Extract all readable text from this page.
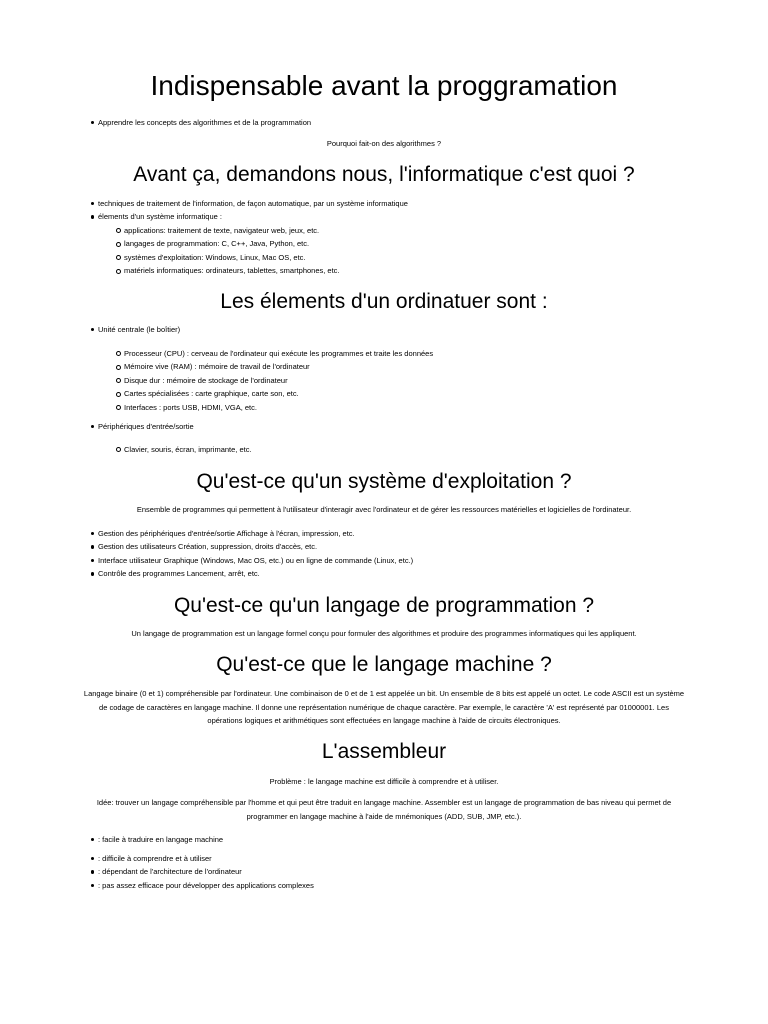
Indispensable avant la proggramation
Apprendre les concepts des algorithmes et de la programmation

Pourquoi fait-on des algorithmes ?

Avant ça, demandons nous, l'informatique c'est quoi ?
techniques de traitement de l'information, de façon automatique, par un système informatique
élements d'un système informatique :
applications: traitement de texte, navigateur web, jeux, etc.
langages de programmation: C, C++, Java, Python, etc.
systèmes d'exploitation: Windows, Linux, Mac OS, etc.
matériels informatiques: ordinateurs, tablettes, smartphones, etc.
Les élements d'un ordinatuer sont :
Unité centrale (le boîtier)
Processeur (CPU) : cerveau de l'ordinateur qui exécute les programmes et traite les données
Mémoire vive (RAM) : mémoire de travail de l'ordinateur
Disque dur : mémoire de stockage de l'ordinateur
Cartes spécialisées : carte graphique, carte son, etc.
Interfaces : ports USB, HDMI, VGA, etc.
Périphériques d'entrée/sortie
Clavier, souris, écran, imprimante, etc.
Qu'est-ce qu'un système d'exploitation ?

Ensemble de programmes qui permettent à l'utilisateur d'interagir avec l'ordinateur et de gérer les ressources matérielles et logicielles de l'ordinateur.

Gestion des périphériques d'entrée/sortie Affichage à l'écran, impression, etc.
Gestion des utilisateurs Création, suppression, droits d'accès, etc.
Interface utilisateur Graphique (Windows, Mac OS, etc.) ou en ligne de commande (Linux, etc.)
Contrôle des programmes Lancement, arrêt, etc.
Qu'est-ce qu'un langage de programmation ?

Un langage de programmation est un langage formel conçu pour formuler des algorithmes et produire des programmes informatiques qui les appliquent.

Qu'est-ce que le langage machine ?

Langage binaire (0 et 1) compréhensible par l'ordinateur. Une combinaison de 0 et de 1 est appelée un bit. Un ensemble de 8 bits est appelé un octet. Le code ASCII est un système

de codage de caractères en langage machine. Il donne une représentation numérique de chaque caractère. Par exemple, le caractère 'A' est représenté par 01000001. Les

opérations logiques et arithmétiques sont effectuées en langage machine à l'aide de circuits électroniques.

L'assembleur

Problème : le langage machine est difficile à comprendre et à utiliser.

Idée: trouver un langage compréhensible par l'homme et qui peut être traduit en langage machine. Assembler est un langage de programmation de bas niveau qui permet de

programmer en langage machine à l'aide de mnémoniques (ADD, SUB, JMP, etc.).

: facile à traduire en langage machine
: difficile à comprendre et à utiliser
: dépendant de l'architecture de l'ordinateur
: pas assez efficace pour développer des applications complexes
